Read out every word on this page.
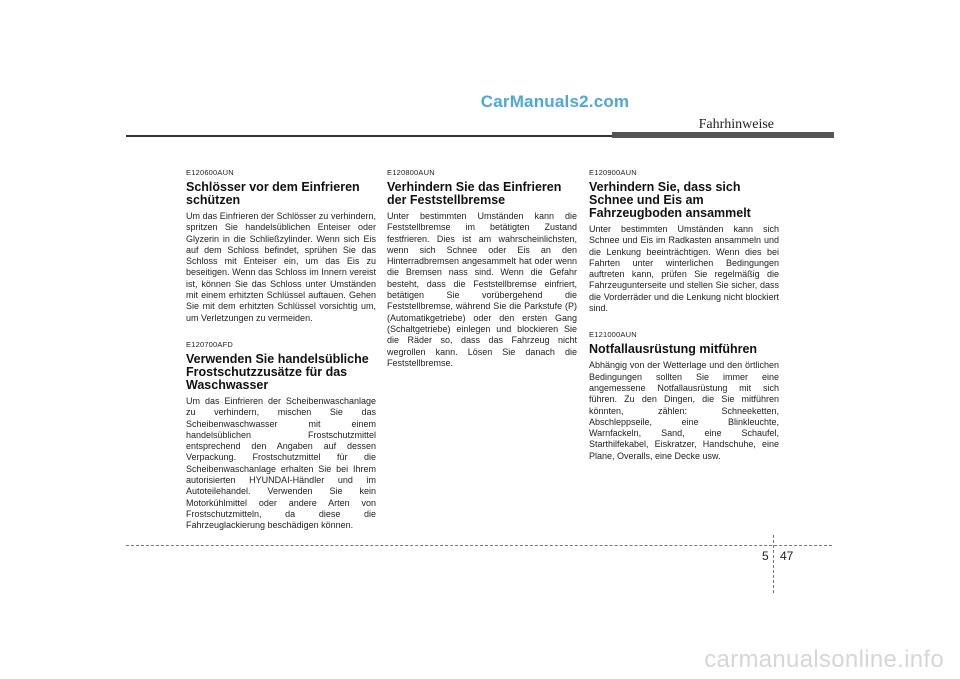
CarManuals2.com
Fahrhinweise

E120600AUN

Schlösser vor dem Einfrieren schützen

Um das Einfrieren der Schlösser zu verhindern, spritzen Sie handelsüblichen Enteiser oder Glyzerin in die Schließzylinder. Wenn sich Eis auf dem Schloss befindet, sprühen Sie das Schloss mit Enteiser ein, um das Eis zu beseitigen. Wenn das Schloss im Innern vereist ist, können Sie das Schloss unter Umständen mit einem erhitzten Schlüssel auftauen. Gehen Sie mit dem erhitzten Schlüssel vorsichtig um, um Verletzungen zu vermeiden.

E120700AFD

Verwenden Sie handelsübliche Frostschutzzusätze für das Waschwasser

Um das Einfrieren der Scheibenwaschanlage zu verhindern, mischen Sie das Scheibenwaschwasser mit einem handelsüblichen Frostschutzmittel entsprechend den Angaben auf dessen Verpackung. Frostschutzmittel für die Scheibenwaschanlage erhalten Sie bei Ihrem autorisierten HYUNDAI-Händler und im Autoteilehandel. Verwenden Sie kein Motorkühlmittel oder andere Arten von Frostschutzmitteln, da diese die Fahrzeuglackierung beschädigen können.

E120800AUN

Verhindern Sie das Einfrieren der Feststellbremse

Unter bestimmten Umständen kann die Feststellbremse im betätigten Zustand festfrieren. Dies ist am wahrscheinlichsten, wenn sich Schnee oder Eis an den Hinterradbremsen angesammelt hat oder wenn die Bremsen nass sind. Wenn die Gefahr besteht, dass die Feststellbremse einfriert, betätigen Sie vorübergehend die Feststellbremse, während Sie die Parkstufe (P) (Automatikgetriebe) oder den ersten Gang (Schaltgetriebe) einlegen und blockieren Sie die Räder so, dass das Fahrzeug nicht wegrollen kann. Lösen Sie danach die Feststellbremse.

E120900AUN

Verhindern Sie, dass sich Schnee und Eis am Fahrzeugboden ansammelt

Unter bestimmten Umständen kann sich Schnee und Eis im Radkasten ansammeln und die Lenkung beeinträchtigen. Wenn dies bei Fahrten unter winterlichen Bedingungen auftreten kann, prüfen Sie regelmäßig die Fahrzeugunterseite und stellen Sie sicher, dass die Vorderräder und die Lenkung nicht blockiert sind.

E121000AUN

Notfallausrüstung mitführen

Abhängig von der Wetterlage und den örtlichen Bedingungen sollten Sie immer eine angemessene Notfallausrüstung mit sich führen. Zu den Dingen, die Sie mitführen könnten, zählen: Schneeketten, Abschleppseile, eine Blinkleuchte, Warnfackeln, Sand, eine Schaufel, Starthilfekabel, Eiskratzer, Handschuhe, eine Plane, Overalls, eine Decke usw.

5 47
carmanualsonline.info
